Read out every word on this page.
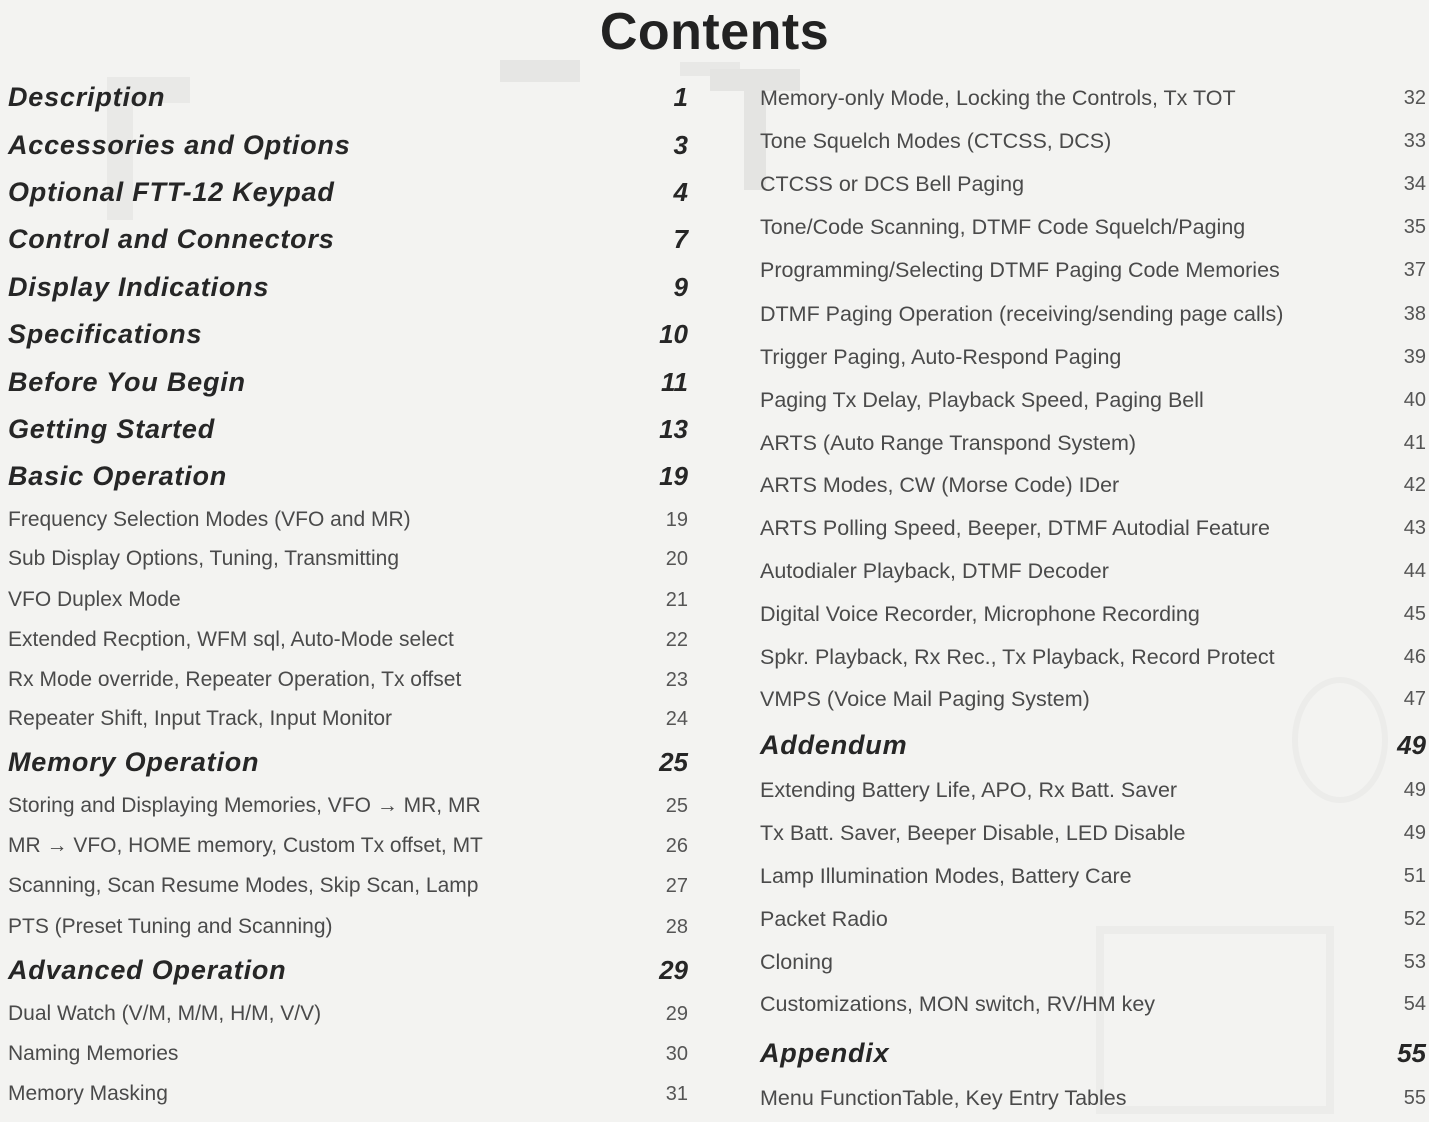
Contents
Description	1
Accessories and Options	3
Optional FTT-12 Keypad	4
Control and Connectors	7
Display Indications	9
Specifications	10
Before You Begin	11
Getting Started	13
Basic Operation	19
Frequency Selection Modes (VFO and MR)	19
Sub Display Options, Tuning, Transmitting	20
VFO Duplex Mode	21
Extended Recption, WFM sql, Auto-Mode select	22
Rx Mode override, Repeater Operation, Tx offset	23
Repeater Shift, Input Track, Input Monitor	24
Memory Operation	25
Storing and Displaying Memories, VFO → MR, MR	25
MR → VFO, HOME memory, Custom Tx offset, MT	26
Scanning, Scan Resume Modes, Skip Scan, Lamp	27
PTS (Preset Tuning and Scanning)	28
Advanced Operation	29
Dual Watch (V/M, M/M, H/M, V/V)	29
Naming Memories	30
Memory Masking	31
Memory-only Mode, Locking the Controls, Tx TOT	32
Tone Squelch Modes (CTCSS, DCS)	33
CTCSS or DCS Bell Paging	34
Tone/Code Scanning, DTMF Code Squelch/Paging	35
Programming/Selecting DTMF Paging Code Memories	37
DTMF Paging Operation (receiving/sending page calls)	38
Trigger Paging, Auto-Respond Paging	39
Paging Tx Delay, Playback Speed, Paging Bell	40
ARTS (Auto Range Transpond System)	41
ARTS Modes, CW (Morse Code) IDer	42
ARTS Polling Speed, Beeper, DTMF Autodial Feature	43
Autodialer Playback, DTMF Decoder	44
Digital Voice Recorder, Microphone Recording	45
Spkr. Playback, Rx Rec., Tx Playback, Record Protect	46
VMPS (Voice Mail Paging System)	47
Addendum	49
Extending Battery Life, APO, Rx Batt. Saver	49
Tx Batt. Saver, Beeper Disable, LED Disable	49
Lamp Illumination Modes, Battery Care	51
Packet Radio	52
Cloning	53
Customizations, MON switch, RV/HM key	54
Appendix	55
Menu FunctionTable, Key Entry Tables	55
